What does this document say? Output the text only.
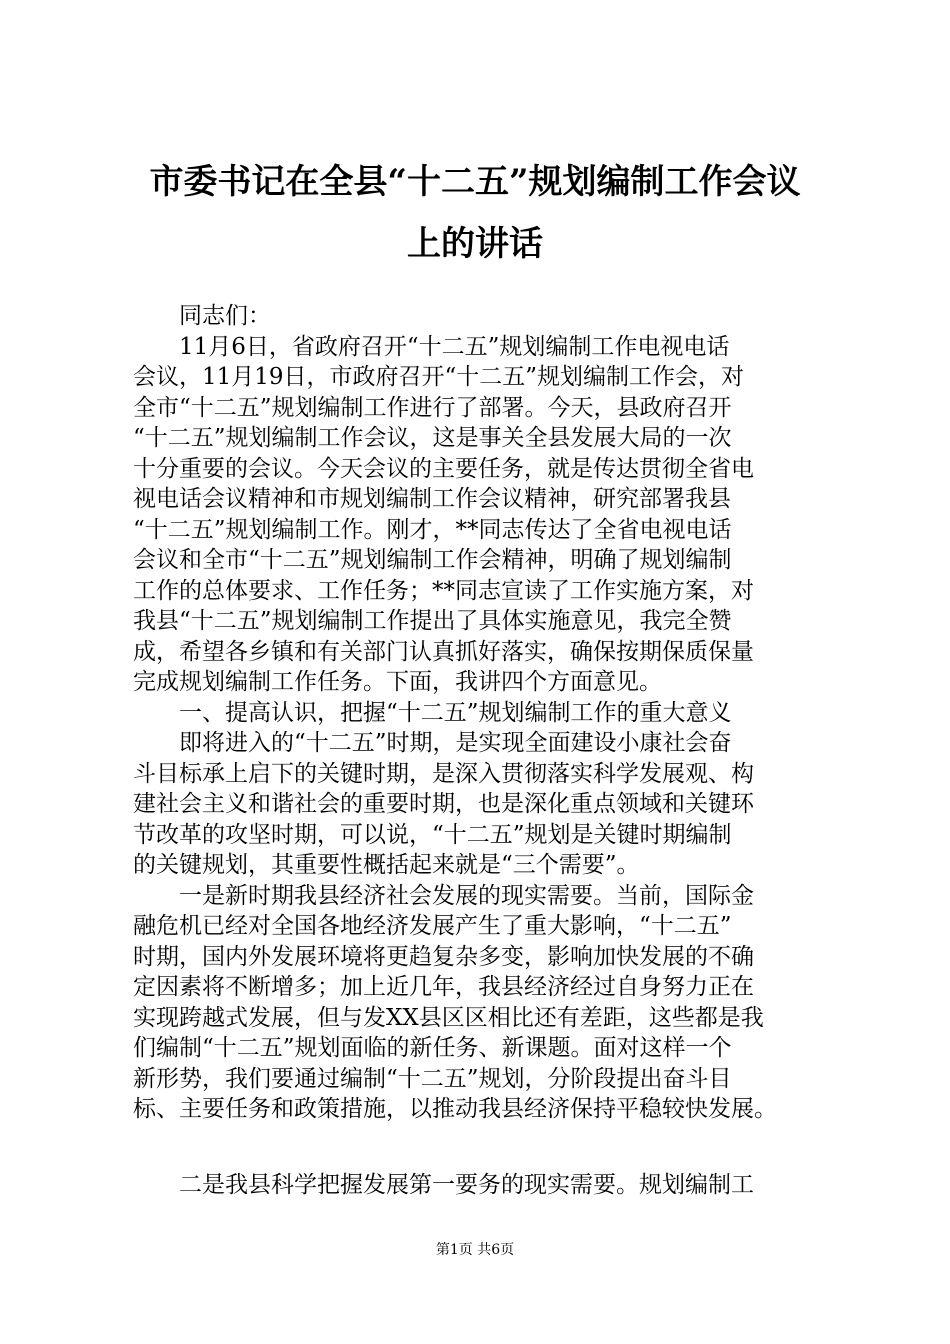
市委书记在全县“十二五”规划编制工作会议
上的讲话
　　同志们：
　　11月6日，省政府召开“十二五”规划编制工作电视电话
会议，11月19日，市政府召开“十二五”规划编制工作会，对
全市“十二五”规划编制工作进行了部署。今天，县政府召开
“十二五”规划编制工作会议，这是事关全县发展大局的一次
十分重要的会议。今天会议的主要任务，就是传达贯彻全省电
视电话会议精神和市规划编制工作会议精神，研究部署我县
“十二五”规划编制工作。刚才，**同志传达了全省电视电话
会议和全市“十二五”规划编制工作会精神，明确了规划编制
工作的总体要求、工作任务；**同志宣读了工作实施方案，对
我县“十二五”规划编制工作提出了具体实施意见，我完全赞
成，希望各乡镇和有关部门认真抓好落实，确保按期保质保量
完成规划编制工作任务。下面，我讲四个方面意见。
　　一、提高认识，把握“十二五”规划编制工作的重大意义
　　即将进入的“十二五”时期，是实现全面建设小康社会奋
斗目标承上启下的关键时期，是深入贯彻落实科学发展观、构
建社会主义和谐社会的重要时期，也是深化重点领域和关键环
节改革的攻坚时期，可以说，“十二五”规划是关键时期编制
的关键规划，其重要性概括起来就是“三个需要”。
　　一是新时期我县经济社会发展的现实需要。当前，国际金
融危机已经对全国各地经济发展产生了重大影响，“十二五”
时期，国内外发展环境将更趋复杂多变，影响加快发展的不确
定因素将不断增多；加上近几年，我县经济经过自身努力正在
实现跨越式发展，但与发XX县区区相比还有差距，这些都是我
们编制“十二五”规划面临的新任务、新课题。面对这样一个
新形势，我们要通过编制“十二五”规划，分阶段提出奋斗目
标、主要任务和政策措施，以推动我县经济保持平稳较快发展。
　　二是我县科学把握发展第一要务的现实需要。规划编制工
第1页 共6页
